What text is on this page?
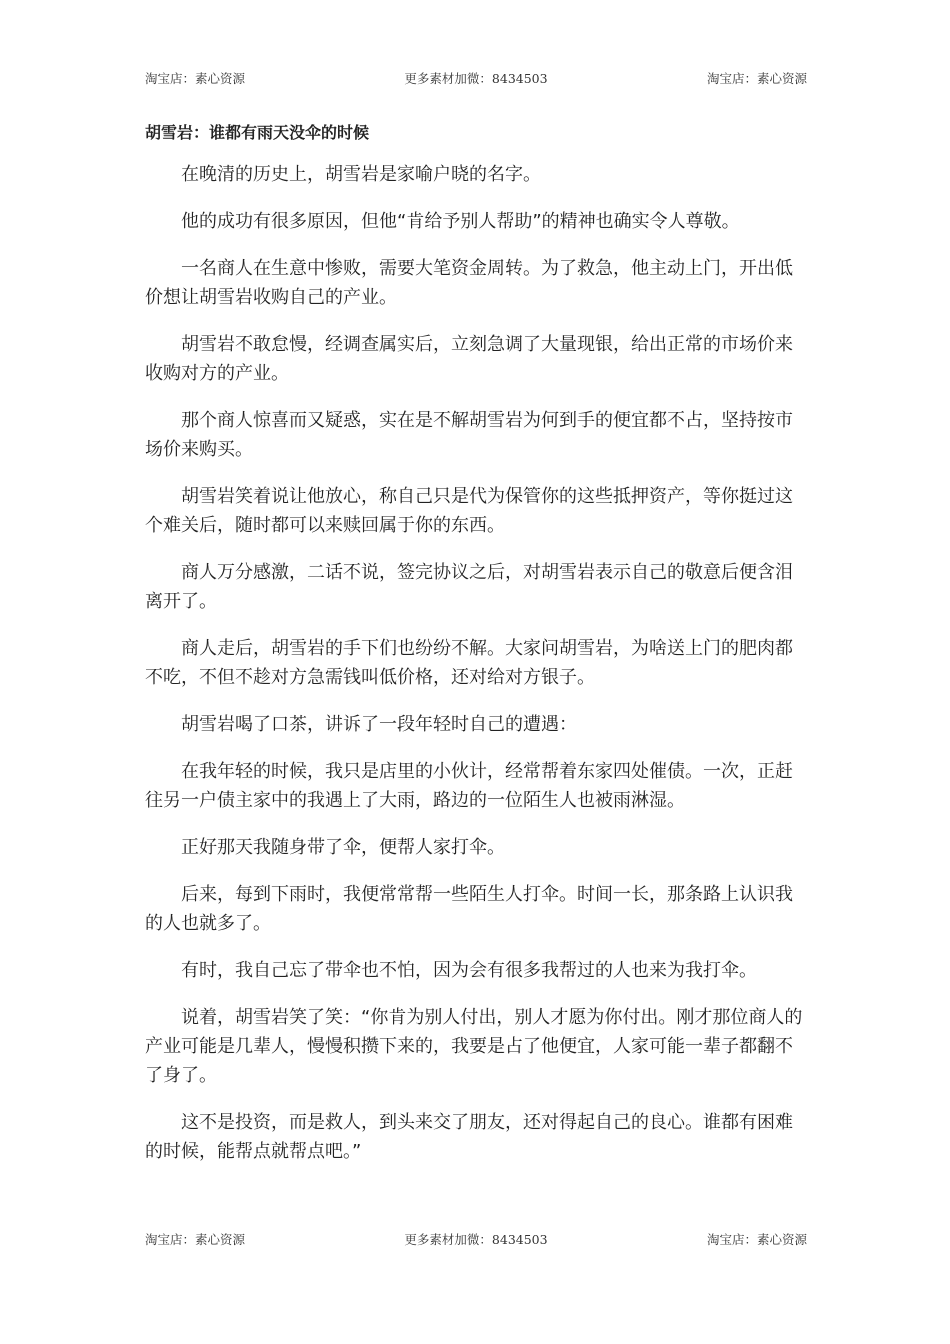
淘宝店：素心资源	更多素材加微：8434503	淘宝店：素心资源
胡雪岩：谁都有雨天没伞的时候

在晚清的历史上，胡雪岩是家喻户晓的名字。

他的成功有很多原因，但他“肯给予别人帮助”的精神也确实令人尊敬。

一名商人在生意中惨败，需要大笔资金周转。为了救急，他主动上门，开出低价想让胡雪岩收购自己的产业。

胡雪岩不敢怠慢，经调查属实后，立刻急调了大量现银，给出正常的市场价来收购对方的产业。

那个商人惊喜而又疑惑，实在是不解胡雪岩为何到手的便宜都不占，坚持按市场价来购买。

胡雪岩笑着说让他放心，称自己只是代为保管你的这些抵押资产，等你挺过这个难关后，随时都可以来赎回属于你的东西。

商人万分感激，二话不说，签完协议之后，对胡雪岩表示自己的敬意后便含泪离开了。

商人走后，胡雪岩的手下们也纷纷不解。大家问胡雪岩，为啥送上门的肥肉都不吃，不但不趁对方急需钱叫低价格，还对给对方银子。

胡雪岩喝了口茶，讲诉了一段年轻时自己的遭遇：

在我年轻的时候，我只是店里的小伙计，经常帮着东家四处催债。一次，正赶往另一户债主家中的我遇上了大雨，路边的一位陌生人也被雨淋湿。

正好那天我随身带了伞，便帮人家打伞。

后来，每到下雨时，我便常常帮一些陌生人打伞。时间一长，那条路上认识我的人也就多了。

有时，我自己忘了带伞也不怕，因为会有很多我帮过的人也来为我打伞。

说着，胡雪岩笑了笑：“你肯为别人付出，别人才愿为你付出。刚才那位商人的产业可能是几辈人，慢慢积攒下来的，我要是占了他便宜，人家可能一辈子都翻不了身了。

这不是投资，而是救人，到头来交了朋友，还对得起自己的良心。谁都有困难的时候，能帮点就帮点吧。”

淘宝店：素心资源	更多素材加微：8434503	淘宝店：素心资源
